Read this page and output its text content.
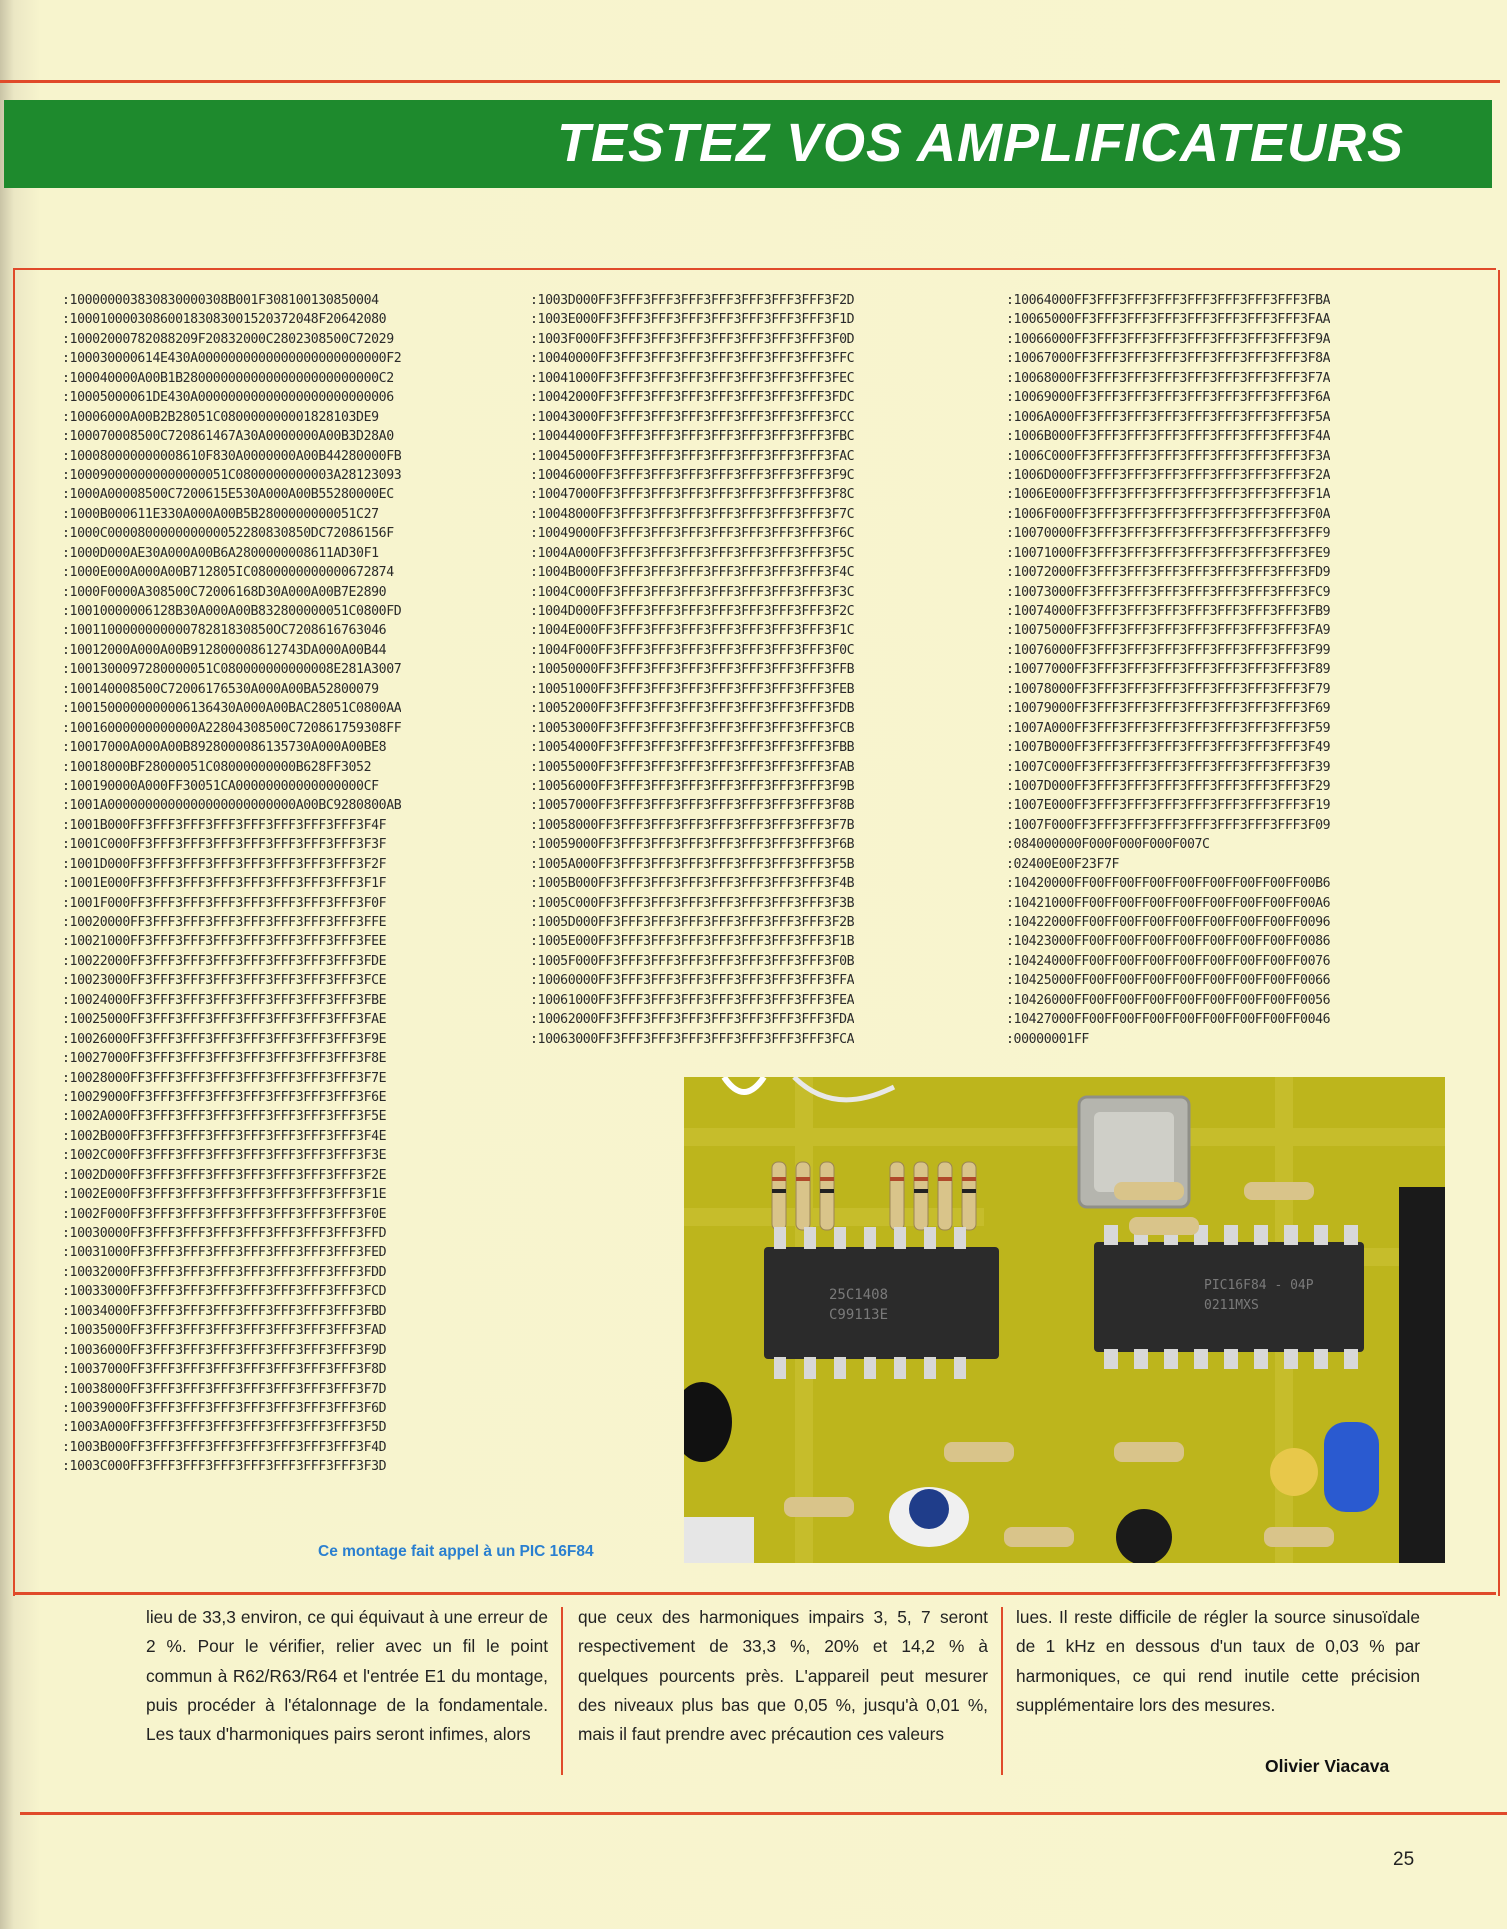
TESTEZ VOS AMPLIFICATEURS
:100000003830830000308B001F308100130850004
:100010000308600183083001520372048F20642080
:10002000782088209F20832000C2802308500C72029
:100030000614E430A0000000000000000000000000F2
:100040000A00B1B28000000000000000000000000C2
:10005000061DE430A00000000000000000000000006
:10006000A00B2B28051C080000000001828103DE9
:100070008500C720861467A30A0000000A00B3D28A0
:100080000000008610F830A0000000A00B44280000FB
:100090000000000000051C0800000000003A28123093
:1000A00008500C7200615E530A000A00B55280000EC
:1000B000611E330A000A00B5B2800000000051C27
:1000C000080000000000052280830850DC72086156F
:1000D000AE30A000A00B6A2800000008611AD30F1
:1000E000A000A00B712805IC0800000000000672874
:1000F0000A308500C72006168D30A000A00B7E2890
:10010000006128B30A000A00B832800000051C0800FD
:100110000000000078281830850OC7208616763046
:10012000A000A00B912800008612743DA000A00B44
:1001300097280000051C080000000000008E281A3007
:100140008500C72006176530A000A00BA52800079
:1001500000000006136430A000A00BAC28051C0800AA
:10016000000000000A22804308500C720861759308FF
:10017000A000A00B8928000086135730A000A00BE8
:10018000BF28000051C08000000000B628FF3052
:100190000A000FF30051CA00000000000000000CF
:1001A0000000000000000000000000A00BC9280800AB
:1001B000FF3FFF3FFF3FFF3FFF3FFF3FFF3FFF3F4F
:1001C000FF3FFF3FFF3FFF3FFF3FFF3FFF3FFF3F3F
:1001D000FF3FFF3FFF3FFF3FFF3FFF3FFF3FFF3F2F
:1001E000FF3FFF3FFF3FFF3FFF3FFF3FFF3FFF3F1F
:1001F000FF3FFF3FFF3FFF3FFF3FFF3FFF3FFF3F0F
:10020000FF3FFF3FFF3FFF3FFF3FFF3FFF3FFF3FFE
:10021000FF3FFF3FFF3FFF3FFF3FFF3FFF3FFF3FEE
:10022000FF3FFF3FFF3FFF3FFF3FFF3FFF3FFF3FDE
:10023000FF3FFF3FFF3FFF3FFF3FFF3FFF3FFF3FCE
:10024000FF3FFF3FFF3FFF3FFF3FFF3FFF3FFF3FBE
:10025000FF3FFF3FFF3FFF3FFF3FFF3FFF3FFF3FAE
:10026000FF3FFF3FFF3FFF3FFF3FFF3FFF3FFF3F9E
:10027000FF3FFF3FFF3FFF3FFF3FFF3FFF3FFF3F8E
:10028000FF3FFF3FFF3FFF3FFF3FFF3FFF3FFF3F7E
:10029000FF3FFF3FFF3FFF3FFF3FFF3FFF3FFF3F6E
:1002A000FF3FFF3FFF3FFF3FFF3FFF3FFF3FFF3F5E
:1002B000FF3FFF3FFF3FFF3FFF3FFF3FFF3FFF3F4E
:1002C000FF3FFF3FFF3FFF3FFF3FFF3FFF3FFF3F3E
:1002D000FF3FFF3FFF3FFF3FFF3FFF3FFF3FFF3F2E
:1002E000FF3FFF3FFF3FFF3FFF3FFF3FFF3FFF3F1E
:1002F000FF3FFF3FFF3FFF3FFF3FFF3FFF3FFF3F0E
:10030000FF3FFF3FFF3FFF3FFF3FFF3FFF3FFF3FFD
:10031000FF3FFF3FFF3FFF3FFF3FFF3FFF3FFF3FED
:10032000FF3FFF3FFF3FFF3FFF3FFF3FFF3FFF3FDD
:10033000FF3FFF3FFF3FFF3FFF3FFF3FFF3FFF3FCD
:10034000FF3FFF3FFF3FFF3FFF3FFF3FFF3FFF3FBD
:10035000FF3FFF3FFF3FFF3FFF3FFF3FFF3FFF3FAD
:10036000FF3FFF3FFF3FFF3FFF3FFF3FFF3FFF3F9D
:10037000FF3FFF3FFF3FFF3FFF3FFF3FFF3FFF3F8D
:10038000FF3FFF3FFF3FFF3FFF3FFF3FFF3FFF3F7D
:10039000FF3FFF3FFF3FFF3FFF3FFF3FFF3FFF3F6D
:1003A000FF3FFF3FFF3FFF3FFF3FFF3FFF3FFF3F5D
:1003B000FF3FFF3FFF3FFF3FFF3FFF3FFF3FFF3F4D
:1003C000FF3FFF3FFF3FFF3FFF3FFF3FFF3FFF3F3D
:1003D000FF3FFF3FFF3FFF3FFF3FFF3FFF3FFF3F2D
:1003E000FF3FFF3FFF3FFF3FFF3FFF3FFF3FFF3F1D
:1003F000FF3FFF3FFF3FFF3FFF3FFF3FFF3FFF3F0D
:10040000FF3FFF3FFF3FFF3FFF3FFF3FFF3FFF3FFC
:10041000FF3FFF3FFF3FFF3FFF3FFF3FFF3FFF3FEC
:10042000FF3FFF3FFF3FFF3FFF3FFF3FFF3FFF3FDC
:10043000FF3FFF3FFF3FFF3FFF3FFF3FFF3FFF3FCC
:10044000FF3FFF3FFF3FFF3FFF3FFF3FFF3FFF3FBC
:10045000FF3FFF3FFF3FFF3FFF3FFF3FFF3FFF3FAC
:10046000FF3FFF3FFF3FFF3FFF3FFF3FFF3FFF3F9C
:10047000FF3FFF3FFF3FFF3FFF3FFF3FFF3FFF3F8C
:10048000FF3FFF3FFF3FFF3FFF3FFF3FFF3FFF3F7C
:10049000FF3FFF3FFF3FFF3FFF3FFF3FFF3FFF3F6C
:1004A000FF3FFF3FFF3FFF3FFF3FFF3FFF3FFF3F5C
:1004B000FF3FFF3FFF3FFF3FFF3FFF3FFF3FFF3F4C
:1004C000FF3FFF3FFF3FFF3FFF3FFF3FFF3FFF3F3C
:1004D000FF3FFF3FFF3FFF3FFF3FFF3FFF3FFF3F2C
:1004E000FF3FFF3FFF3FFF3FFF3FFF3FFF3FFF3F1C
:1004F000FF3FFF3FFF3FFF3FFF3FFF3FFF3FFF3F0C
:10050000FF3FFF3FFF3FFF3FFF3FFF3FFF3FFF3FFB
:10051000FF3FFF3FFF3FFF3FFF3FFF3FFF3FFF3FEB
:10052000FF3FFF3FFF3FFF3FFF3FFF3FFF3FFF3FDB
:10053000FF3FFF3FFF3FFF3FFF3FFF3FFF3FFF3FCB
:10054000FF3FFF3FFF3FFF3FFF3FFF3FFF3FFF3FBB
:10055000FF3FFF3FFF3FFF3FFF3FFF3FFF3FFF3FAB
:10056000FF3FFF3FFF3FFF3FFF3FFF3FFF3FFF3F9B
:10057000FF3FFF3FFF3FFF3FFF3FFF3FFF3FFF3F8B
:10058000FF3FFF3FFF3FFF3FFF3FFF3FFF3FFF3F7B
:10059000FF3FFF3FFF3FFF3FFF3FFF3FFF3FFF3F6B
:1005A000FF3FFF3FFF3FFF3FFF3FFF3FFF3FFF3F5B
:1005B000FF3FFF3FFF3FFF3FFF3FFF3FFF3FFF3F4B
:1005C000FF3FFF3FFF3FFF3FFF3FFF3FFF3FFF3F3B
:1005D000FF3FFF3FFF3FFF3FFF3FFF3FFF3FFF3F2B
:1005E000FF3FFF3FFF3FFF3FFF3FFF3FFF3FFF3F1B
:1005F000FF3FFF3FFF3FFF3FFF3FFF3FFF3FFF3F0B
:10060000FF3FFF3FFF3FFF3FFF3FFF3FFF3FFF3FFA
:10061000FF3FFF3FFF3FFF3FFF3FFF3FFF3FFF3FEA
:10062000FF3FFF3FFF3FFF3FFF3FFF3FFF3FFF3FDA
:10063000FF3FFF3FFF3FFF3FFF3FFF3FFF3FFF3FCA
:10064000FF3FFF3FFF3FFF3FFF3FFF3FFF3FFF3FBA
:10065000FF3FFF3FFF3FFF3FFF3FFF3FFF3FFF3FAA
:10066000FF3FFF3FFF3FFF3FFF3FFF3FFF3FFF3F9A
:10067000FF3FFF3FFF3FFF3FFF3FFF3FFF3FFF3F8A
:10068000FF3FFF3FFF3FFF3FFF3FFF3FFF3FFF3F7A
:10069000FF3FFF3FFF3FFF3FFF3FFF3FFF3FFF3F6A
:1006A000FF3FFF3FFF3FFF3FFF3FFF3FFF3FFF3F5A
:1006B000FF3FFF3FFF3FFF3FFF3FFF3FFF3FFF3F4A
:1006C000FF3FFF3FFF3FFF3FFF3FFF3FFF3FFF3F3A
:1006D000FF3FFF3FFF3FFF3FFF3FFF3FFF3FFF3F2A
:1006E000FF3FFF3FFF3FFF3FFF3FFF3FFF3FFF3F1A
:1006F000FF3FFF3FFF3FFF3FFF3FFF3FFF3FFF3F0A
:10070000FF3FFF3FFF3FFF3FFF3FFF3FFF3FFF3FF9
:10071000FF3FFF3FFF3FFF3FFF3FFF3FFF3FFF3FE9
:10072000FF3FFF3FFF3FFF3FFF3FFF3FFF3FFF3FD9
:10073000FF3FFF3FFF3FFF3FFF3FFF3FFF3FFF3FC9
:10074000FF3FFF3FFF3FFF3FFF3FFF3FFF3FFF3FB9
:10075000FF3FFF3FFF3FFF3FFF3FFF3FFF3FFF3FA9
:10076000FF3FFF3FFF3FFF3FFF3FFF3FFF3FFF3F99
:10077000FF3FFF3FFF3FFF3FFF3FFF3FFF3FFF3F89
:10078000FF3FFF3FFF3FFF3FFF3FFF3FFF3FFF3F79
:10079000FF3FFF3FFF3FFF3FFF3FFF3FFF3FFF3F69
:1007A000FF3FFF3FFF3FFF3FFF3FFF3FFF3FFF3F59
:1007B000FF3FFF3FFF3FFF3FFF3FFF3FFF3FFF3F49
:1007C000FF3FFF3FFF3FFF3FFF3FFF3FFF3FFF3F39
:1007D000FF3FFF3FFF3FFF3FFF3FFF3FFF3FFF3F29
:1007E000FF3FFF3FFF3FFF3FFF3FFF3FFF3FFF3F19
:1007F000FF3FFF3FFF3FFF3FFF3FFF3FFF3FFF3F09
:084000000F000F000F000F007C
:02400E00F23F7F
:10420000FF00FF00FF00FF00FF00FF00FF00FF00B6
:10421000FF00FF00FF00FF00FF00FF00FF00FF00A6
:10422000FF00FF00FF00FF00FF00FF00FF00FF0096
:10423000FF00FF00FF00FF00FF00FF00FF00FF0086
:10424000FF00FF00FF00FF00FF00FF00FF00FF0076
:10425000FF00FF00FF00FF00FF00FF00FF00FF0066
:10426000FF00FF00FF00FF00FF00FF00FF00FF0056
:10427000FF00FF00FF00FF00FF00FF00FF00FF0046
:00000001FF
25C1408
C99113E
PIC16F84 - 04P
0211MXS
Ce montage fait appel à un PIC 16F84

lieu de 33,3 environ, ce qui équivaut à une erreur de 2 %. Pour le vérifier, relier avec un fil le point commun à R62/R63/R64 et l'entrée E1 du montage, puis procéder à l'étalonnage de la fondamentale. Les taux d'harmoniques pairs seront infimes, alors

que ceux des harmoniques impairs 3, 5, 7 seront respectivement de 33,3 %, 20% et 14,2 % à quelques pourcents près. L'appareil peut mesurer des niveaux plus bas que 0,05 %, jusqu'à 0,01 %, mais il faut prendre avec précaution ces valeurs

lues. Il reste difficile de régler la source sinusoïdale de 1 kHz en dessous d'un taux de 0,03 % par harmoniques, ce qui rend inutile cette précision supplémentaire lors des mesures.

Olivier Viacava
25
